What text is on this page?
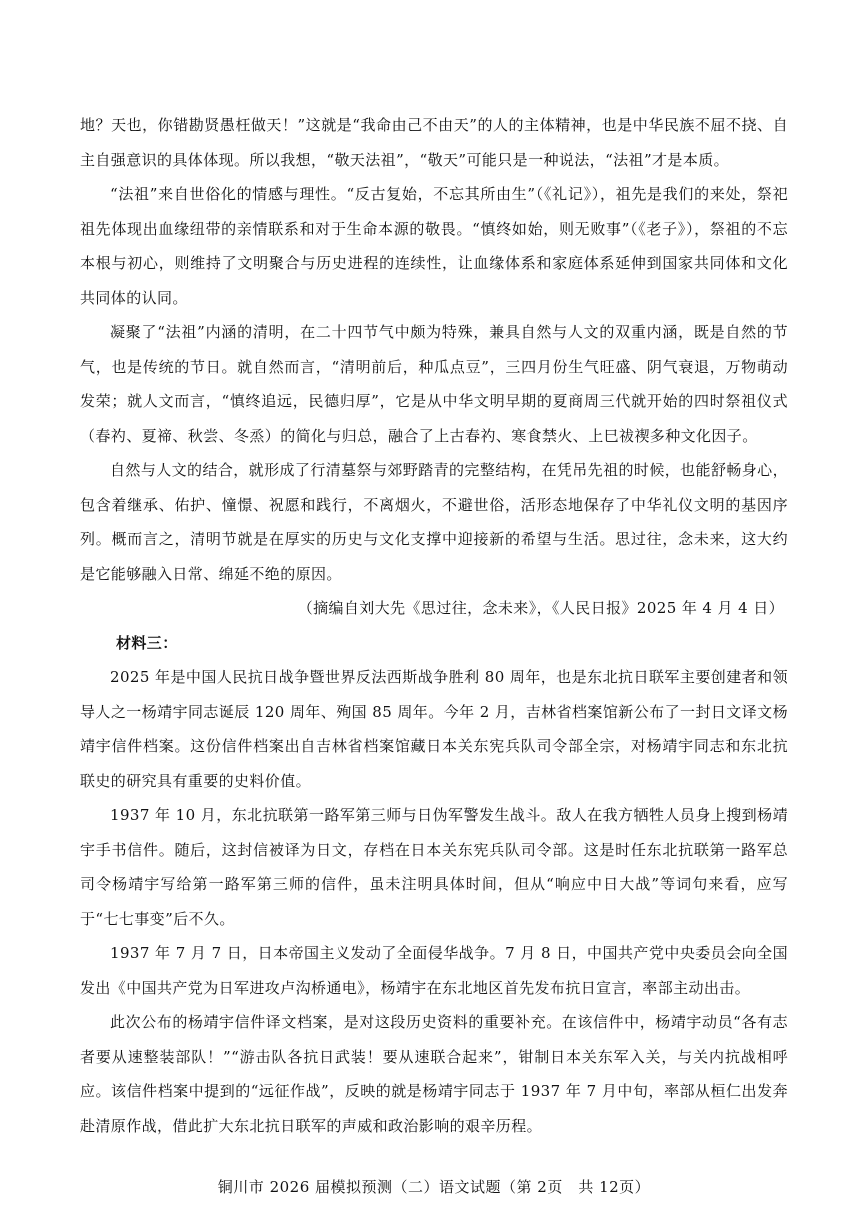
地？天也，你错勘贤愚枉做天！”这就是“我命由己不由天”的人的主体精神，也是中华民族不屈不挠、自主自强意识的具体体现。所以我想，“敬天法祖”，“敬天”可能只是一种说法，“法祖”才是本质。

“法祖”来自世俗化的情感与理性。“反古复始，不忘其所由生”（《礼记》），祖先是我们的来处，祭祀祖先体现出血缘纽带的亲情联系和对于生命本源的敬畏。“慎终如始，则无败事”（《老子》），祭祖的不忘本根与初心，则维持了文明聚合与历史进程的连续性，让血缘体系和家庭体系延伸到国家共同体和文化共同体的认同。

凝聚了“法祖”内涵的清明，在二十四节气中颇为特殊，兼具自然与人文的双重内涵，既是自然的节气，也是传统的节日。就自然而言，“清明前后，种瓜点豆”，三四月份生气旺盛、阴气衰退，万物萌动发荣；就人文而言，“慎终追远，民德归厚”，它是从中华文明早期的夏商周三代就开始的四时祭祖仪式（春礿、夏禘、秋尝、冬烝）的简化与归总，融合了上古春礿、寒食禁火、上巳祓禊多种文化因子。

自然与人文的结合，就形成了行清墓祭与郊野踏青的完整结构，在凭吊先祖的时候，也能舒畅身心，包含着继承、佑护、憧憬、祝愿和践行，不离烟火，不避世俗，活形态地保存了中华礼仪文明的基因序列。概而言之，清明节就是在厚实的历史与文化支撑中迎接新的希望与生活。思过往，念未来，这大约是它能够融入日常、绵延不绝的原因。

（摘编自刘大先《思过往，念未来》，《人民日报》2025 年 4 月 4 日）

材料三：

2025 年是中国人民抗日战争暨世界反法西斯战争胜利 80 周年，也是东北抗日联军主要创建者和领导人之一杨靖宇同志诞辰 120 周年、殉国 85 周年。今年 2 月，吉林省档案馆新公布了一封日文译文杨靖宇信件档案。这份信件档案出自吉林省档案馆藏日本关东宪兵队司令部全宗，对杨靖宇同志和东北抗联史的研究具有重要的史料价值。

1937 年 10 月，东北抗联第一路军第三师与日伪军警发生战斗。敌人在我方牺牲人员身上搜到杨靖宇手书信件。随后，这封信被译为日文，存档在日本关东宪兵队司令部。这是时任东北抗联第一路军总司令杨靖宇写给第一路军第三师的信件，虽未注明具体时间，但从“响应中日大战”等词句来看，应写于“七七事变”后不久。

1937 年 7 月 7 日，日本帝国主义发动了全面侵华战争。7 月 8 日，中国共产党中央委员会向全国发出《中国共产党为日军进攻卢沟桥通电》，杨靖宇在东北地区首先发布抗日宣言，率部主动出击。

此次公布的杨靖宇信件译文档案，是对这段历史资料的重要补充。在该信件中，杨靖宇动员“各有志者要从速整装部队！”“游击队各抗日武装！要从速联合起来”，钳制日本关东军入关，与关内抗战相呼应。该信件档案中提到的“远征作战”，反映的就是杨靖宇同志于 1937 年 7 月中旬，率部从桓仁出发奔赴清原作战，借此扩大东北抗日联军的声威和政治影响的艰辛历程。

铜川市 2026 届模拟预测（二）语文试题（第 2页　共 12页）
